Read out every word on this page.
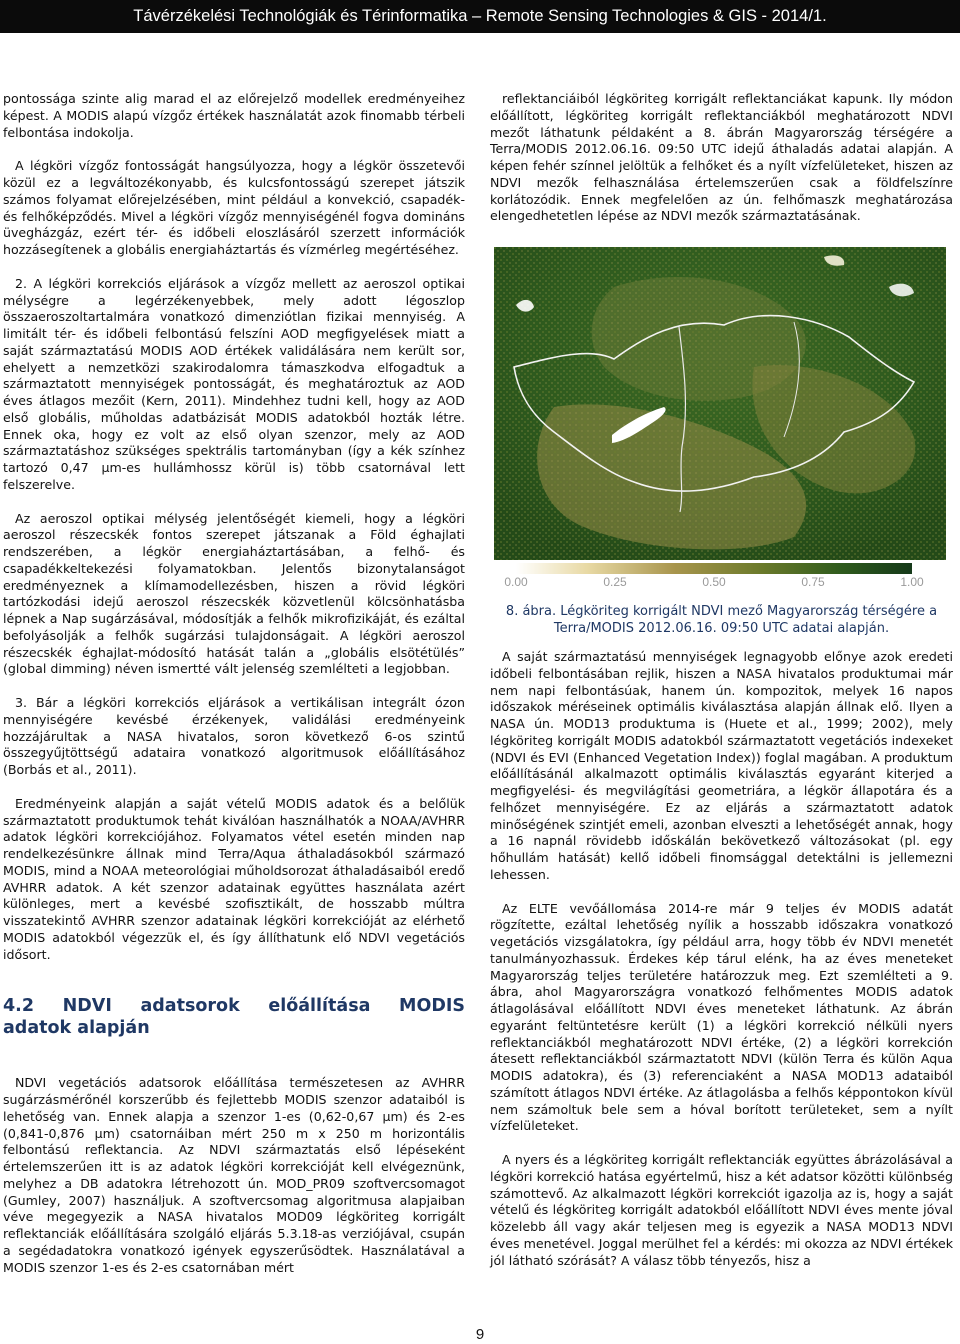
Távérzékelési Technológiák és Térinformatika – Remote Sensing Technologies & GIS - 2014/1.

pontossága szinte alig marad el az előrejelző modellek eredményeihez képest. A MODIS alapú vízgőz értékek használatát azok finomabb térbeli felbontása indokolja.

A légköri vízgőz fontosságát hangsúlyozza, hogy a légkör összetevői közül ez a legváltozékonyabb, és kulcsfontosságú szerepet játszik számos folyamat előrejelzésében, mint például a konvekció, csapadék- és felhőképződés. Mivel a légköri vízgőz mennyiségénél fogva domináns üvegházgáz, ezért tér- és időbeli eloszlásáról szerzett információk hozzásegítenek a globális energiaháztartás és vízmérleg megértéséhez.

2. A légköri korrekciós eljárások a vízgőz mellett az aeroszol optikai mélységre a legérzékenyebbek, mely adott légoszlop összaeroszoltartalmára vonatkozó dimenziótlan fizikai mennyiség. A limitált tér- és időbeli felbontású felszíni AOD megfigyelések miatt a saját származtatású MODIS AOD értékek validálására nem került sor, ehelyett a nemzetközi szakirodalomra támaszkodva elfogadtuk a származtatott mennyiségek pontosságát, és meghatároztuk az AOD éves átlagos mezőit (Kern, 2011). Mindehhez tudni kell, hogy az AOD első globális, műholdas adatbázisát MODIS adatokból hozták létre. Ennek oka, hogy ez volt az első olyan szenzor, mely az AOD származtatáshoz szükséges spektrális tartományban (így a kék színhez tartozó 0,47 µm-es hullámhossz körül is) több csatornával lett felszerelve.

Az aeroszol optikai mélység jelentőségét kiemeli, hogy a légköri aeroszol részecskék fontos szerepet játszanak a Föld éghajlati rendszerében, a légkör energiaháztartásában, a felhő- és csapadékkeltekezési folyamatokban. Jelentős bizonytalanságot eredményeznek a klímamodellezésben, hiszen a rövid légköri tartózkodási idejű aeroszol részecskék közvetlenül kölcsönhatásba lépnek a Nap sugárzásával, módosítják a felhők mikrofizikáját, és ezáltal befolyásolják a felhők sugárzási tulajdonságait. A légköri aeroszol részecskék éghajlat-módosító hatását talán a „globális elsötétülés” (global dimming) néven ismertté vált jelenség szemlélteti a legjobban.

3. Bár a légköri korrekciós eljárások a vertikálisan integrált ózon mennyiségére kevésbé érzékenyek, validálási eredményeink hozzájárultak a NASA hivatalos, soron következő 6-os szintű összegyűjtöttségű adataira vonatkozó algoritmusok előállításához (Borbás et al., 2011).

Eredményeink alapján a saját vételű MODIS adatok és a belőlük származtatott produktumok tehát kiválóan használhatók a NOAA/AVHRR adatok légköri korrekciójához. Folyamatos vétel esetén minden nap rendelkezésünkre állnak mind Terra/Aqua áthaladásokból származó MODIS, mind a NOAA meteorológiai műholdsorozat áthaladásaiból eredő AVHRR adatok. A két szenzor adatainak együttes használata azért különleges, mert a kevésbé szofisztikált, de hosszabb múltra visszatekintő AVHRR szenzor adatainak légköri korrekcióját az elérhető MODIS adatokból végezzük el, és így állíthatunk elő NDVI vegetációs idősort.

4.2 NDVI adatsorok előállítása MODIS
adatok alapján

NDVI vegetációs adatsorok előállítása természetesen az AVHRR sugárzásmérőnél korszerűbb és fejlettebb MODIS szenzor adataiból is lehetőség van. Ennek alapja a szenzor 1-es (0,62-0,67 µm) és 2-es (0,841-0,876 µm) csatornáiban mért 250 m x 250 m horizontális felbontású reflektancia. Az NDVI származtatás első lépéseként értelemszerűen itt is az adatok légköri korrekcióját kell elvégeznünk, melyhez a DB adatokra létrehozott ún. MOD_PR09 szoftvercsomagot (Gumley, 2007) használjuk. A szoftvercsomag algoritmusa alapjaiban véve megegyezik a NASA hivatalos MOD09 légköriteg korrigált reflektanciák előállítására szolgáló eljárás 5.3.18-as verziójával, csupán a segédadatokra vonatkozó igények egyszerűsödtek. Használatával a MODIS szenzor 1-es és 2-es csatornában mért

reflektanciáiból légköriteg korrigált reflektanciákat kapunk. Ily módon előállított, légköriteg korrigált reflektanciákból meghatározott NDVI mezőt láthatunk példaként a 8. ábrán Magyarország térségére a Terra/MODIS 2012.06.16. 09:50 UTC idejű áthaladás adatai alapján. A képen fehér színnel jelöltük a felhőket és a nyílt vízfelületeket, hiszen az NDVI mezők felhasználása értelemszerűen csak a földfelszínre korlátozódik. Ennek megfelelően az ún. felhőmaszk meghatározása elengedhetetlen lépése az NDVI mezők származtatásának.

0.00	0.25	0.50	0.75	1.00
8. ábra. Légköriteg korrigált NDVI mező Magyarország térségére a
Terra/MODIS 2012.06.16. 09:50 UTC adatai alapján.

A saját származtatású mennyiségek legnagyobb előnye azok eredeti időbeli felbontásában rejlik, hiszen a NASA hivatalos produktumai már nem napi felbontásúak, hanem ún. kompozitok, melyek 16 napos időszakok méréseinek optimális kiválasztása alapján állnak elő. Ilyen a NASA ún. MOD13 produktuma is (Huete et al., 1999; 2002), mely légköriteg korrigált MODIS adatokból származtatott vegetációs indexeket (NDVI és EVI (Enhanced Vegetation Index)) foglal magában. A produktum előállításánál alkalmazott optimális kiválasztás egyaránt kiterjed a megfigyelési- és megvilágítási geometriára, a légkör állapotára és a felhőzet mennyiségére. Ez az eljárás a származtatott adatok minőségének szintjét emeli, azonban elveszti a lehetőségét annak, hogy a 16 napnál rövidebb időskálán bekövetkező változásokat (pl. egy hőhullám hatását) kellő időbeli finomsággal detektálni is jellemezni lehessen.

Az ELTE vevőállomása 2014-re már 9 teljes év MODIS adatát rögzítette, ezáltal lehetőség nyílik a hosszabb időszakra vonatkozó vegetációs vizsgálatokra, így például arra, hogy több év NDVI menetét tanulmányozhassuk. Érdekes kép tárul elénk, ha az éves meneteket Magyarország teljes területére határozzuk meg. Ezt szemlélteti a 9. ábra, ahol Magyarországra vonatkozó felhőmentes MODIS adatok átlagolásával előállított NDVI éves meneteket láthatunk. Az ábrán egyaránt feltüntetésre került (1) a légköri korrekció nélküli nyers reflektanciákból meghatározott NDVI értéke, (2) a légköri korrekción átesett reflektanciákból származtatott NDVI (külön Terra és külön Aqua MODIS adatokra), és (3) referenciaként a NASA MOD13 adataiból számított átlagos NDVI értéke. Az átlagolásba a felhős képpontokon kívül nem számoltuk bele sem a hóval borított területeket, sem a nyílt vízfelületeket.

A nyers és a légköriteg korrigált reflektanciák együttes ábrázolásával a légköri korrekció hatása egyértelmű, hisz a két adatsor közötti különbség számottevő. Az alkalmazott légköri korrekciót igazolja az is, hogy a saját vételű és légköriteg korrigált adatokból előállított NDVI éves mente jóval közelebb áll vagy akár teljesen meg is egyezik a NASA MOD13 NDVI éves menetével. Joggal merülhet fel a kérdés: mi okozza az NDVI értékek jól látható szórását? A válasz több tényezős, hisz a

9
